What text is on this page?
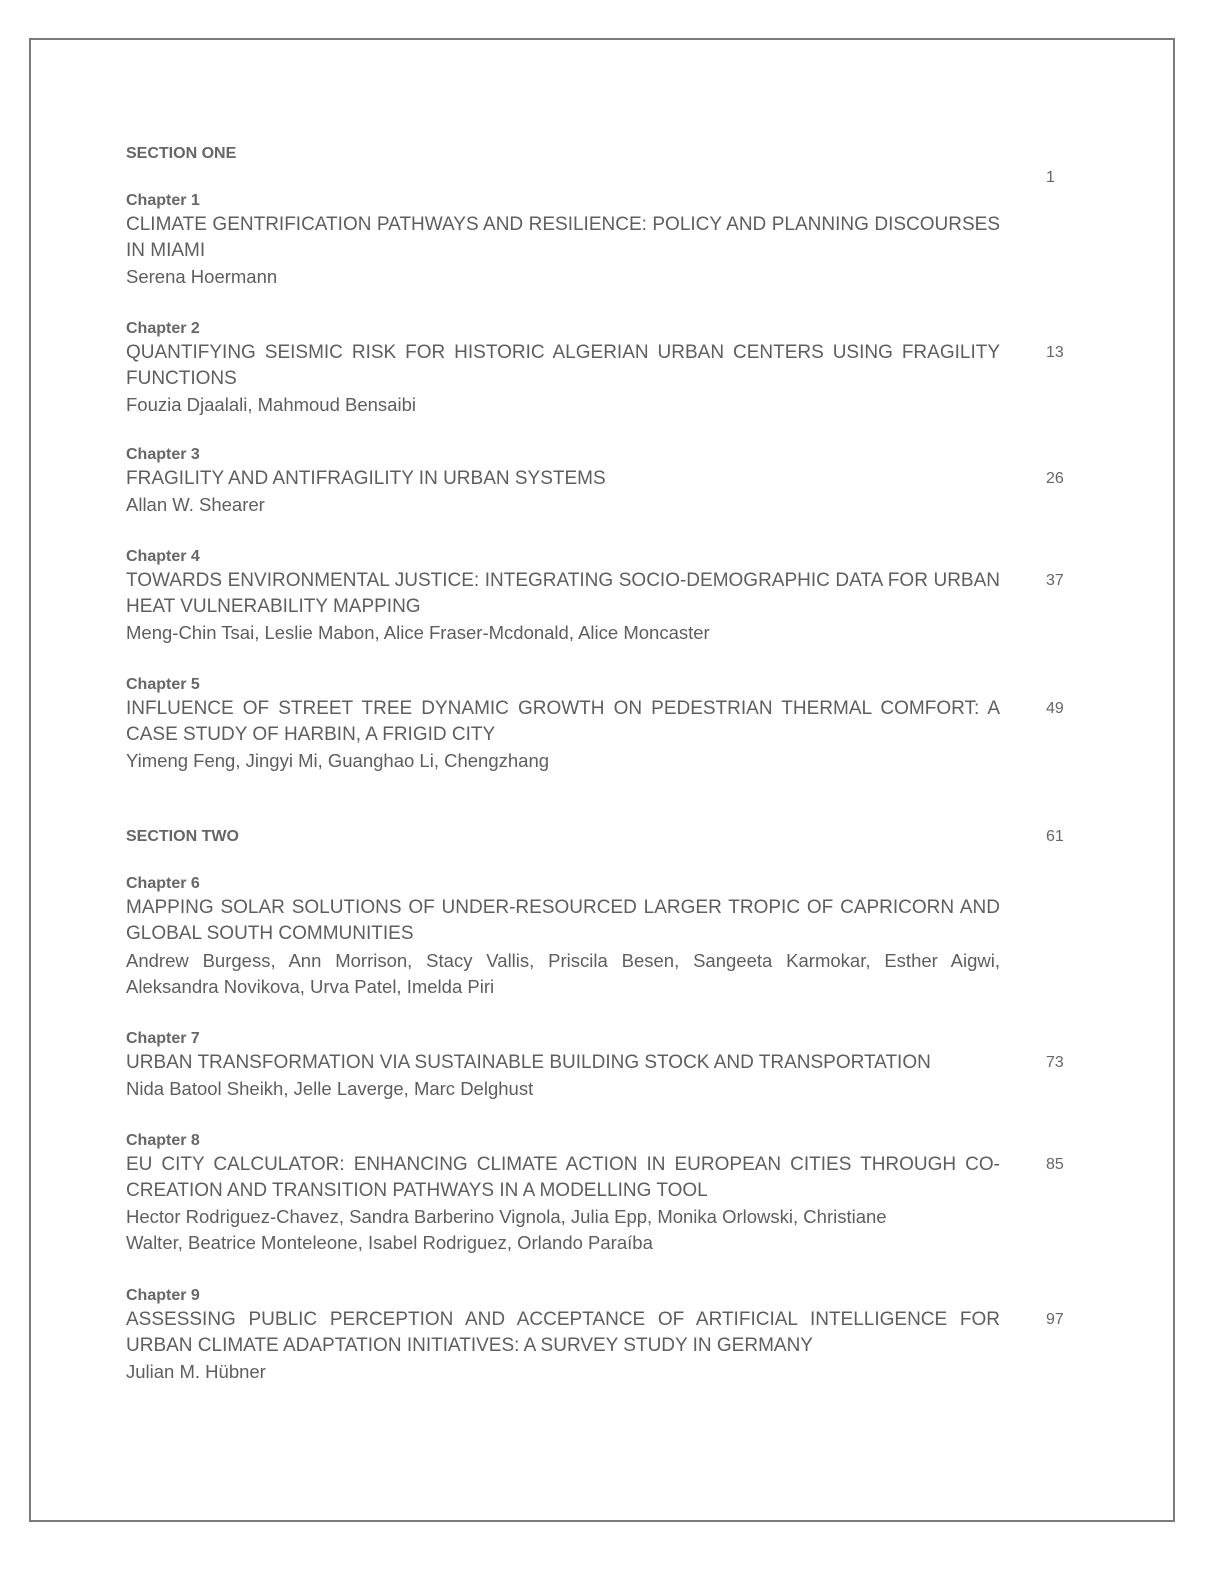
SECTION ONE
1
Chapter 1
CLIMATE GENTRIFICATION PATHWAYS AND RESILIENCE: POLICY AND PLANNING DISCOURSES IN MIAMI
Serena Hoermann
Chapter 2
QUANTIFYING SEISMIC RISK FOR HISTORIC ALGERIAN URBAN CENTERS USING FRAGILITY FUNCTIONS
Fouzia Djaalali, Mahmoud Bensaibi
13
Chapter 3
FRAGILITY AND ANTIFRAGILITY IN URBAN SYSTEMS
Allan W. Shearer
26
Chapter 4
TOWARDS ENVIRONMENTAL JUSTICE: INTEGRATING SOCIO-DEMOGRAPHIC DATA FOR URBAN HEAT VULNERABILITY MAPPING
Meng-Chin Tsai, Leslie Mabon, Alice Fraser-Mcdonald, Alice Moncaster
37
Chapter 5
INFLUENCE OF STREET TREE DYNAMIC GROWTH ON PEDESTRIAN THERMAL COMFORT: A CASE STUDY OF HARBIN, A FRIGID CITY
Yimeng Feng, Jingyi Mi, Guanghao Li, Chengzhang
49
SECTION TWO	61
Chapter 6
MAPPING SOLAR SOLUTIONS OF UNDER-RESOURCED LARGER TROPIC OF CAPRICORN AND GLOBAL SOUTH COMMUNITIES
Andrew Burgess, Ann Morrison, Stacy Vallis, Priscila Besen, Sangeeta Karmokar, Esther Aigwi, Aleksandra Novikova, Urva Patel, Imelda Piri
Chapter 7
URBAN TRANSFORMATION VIA SUSTAINABLE BUILDING STOCK AND TRANSPORTATION
Nida Batool Sheikh, Jelle Laverge, Marc Delghust
73
Chapter 8
EU CITY CALCULATOR: ENHANCING CLIMATE ACTION IN EUROPEAN CITIES THROUGH CO-CREATION AND TRANSITION PATHWAYS IN A MODELLING TOOL
Hector Rodriguez-Chavez, Sandra Barberino Vignola, Julia Epp, Monika Orlowski, Christiane Walter, Beatrice Monteleone, Isabel Rodriguez, Orlando Paraíba
85
Chapter 9
ASSESSING PUBLIC PERCEPTION AND ACCEPTANCE OF ARTIFICIAL INTELLIGENCE FOR URBAN CLIMATE ADAPTATION INITIATIVES: A SURVEY STUDY IN GERMANY
Julian M. Hübner
97
